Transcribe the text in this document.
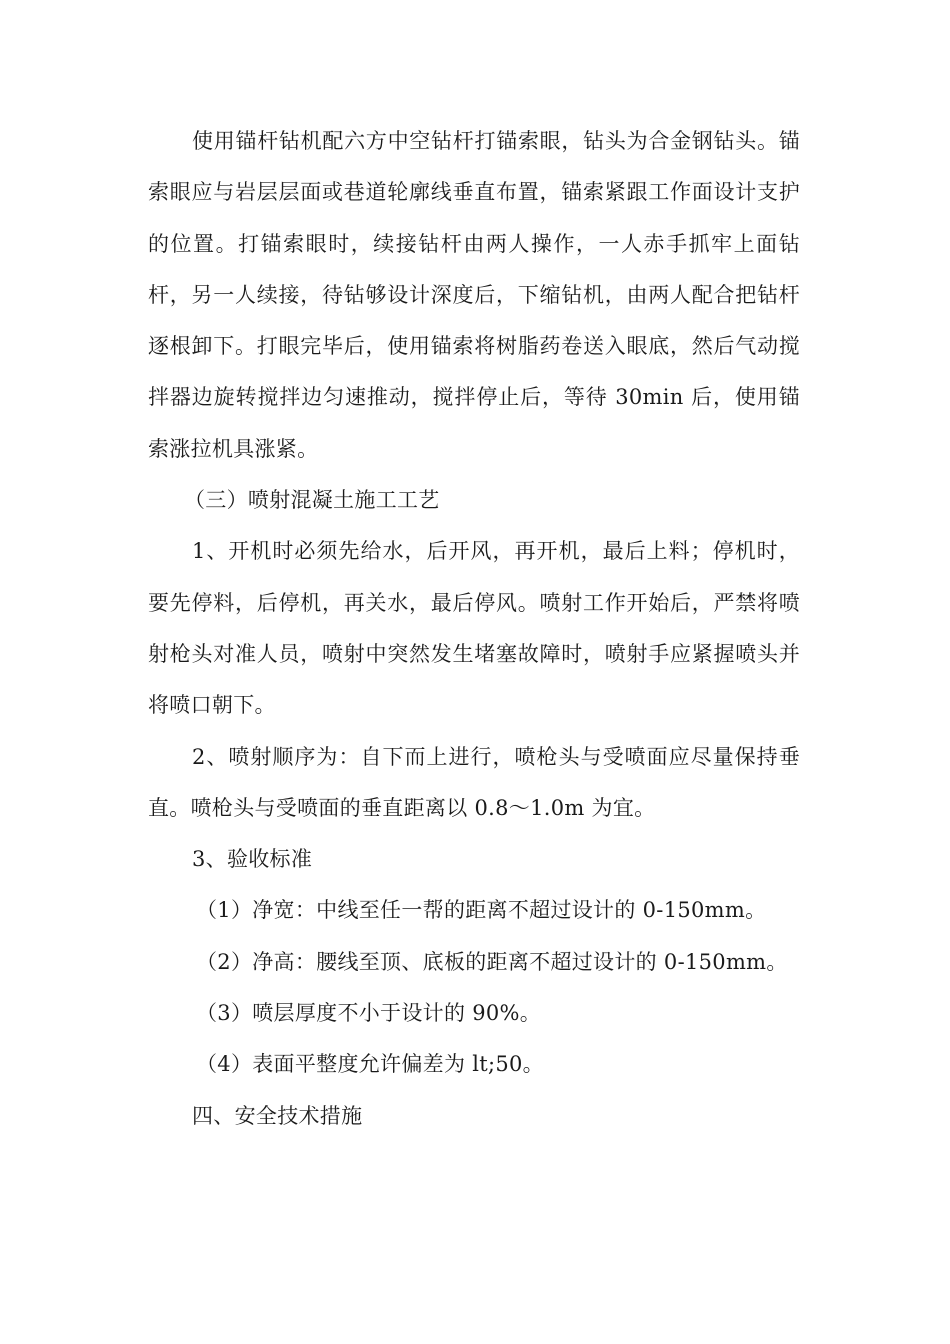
使用锚杆钻机配六方中空钻杆打锚索眼，钻头为合金钢钻头。锚索眼应与岩层层面或巷道轮廓线垂直布置，锚索紧跟工作面设计支护的位置。打锚索眼时，续接钻杆由两人操作，一人赤手抓牢上面钻杆，另一人续接，待钻够设计深度后，下缩钻机，由两人配合把钻杆逐根卸下。打眼完毕后，使用锚索将树脂药卷送入眼底，然后气动搅拌器边旋转搅拌边匀速推动，搅拌停止后，等待 30min 后，使用锚索涨拉机具涨紧。

（三）喷射混凝土施工工艺

1、开机时必须先给水，后开风，再开机，最后上料；停机时，要先停料，后停机，再关水，最后停风。喷射工作开始后，严禁将喷射枪头对准人员，喷射中突然发生堵塞故障时，喷射手应紧握喷头并将喷口朝下。

2、喷射顺序为：自下而上进行，喷枪头与受喷面应尽量保持垂直。喷枪头与受喷面的垂直距离以 0.8～1.0m 为宜。

3、验收标准

（1）净宽：中线至任一帮的距离不超过设计的 0-150mm。

（2）净高：腰线至顶、底板的距离不超过设计的 0-150mm。

（3）喷层厚度不小于设计的 90%。

（4）表面平整度允许偏差为 lt;50。

四、安全技术措施
